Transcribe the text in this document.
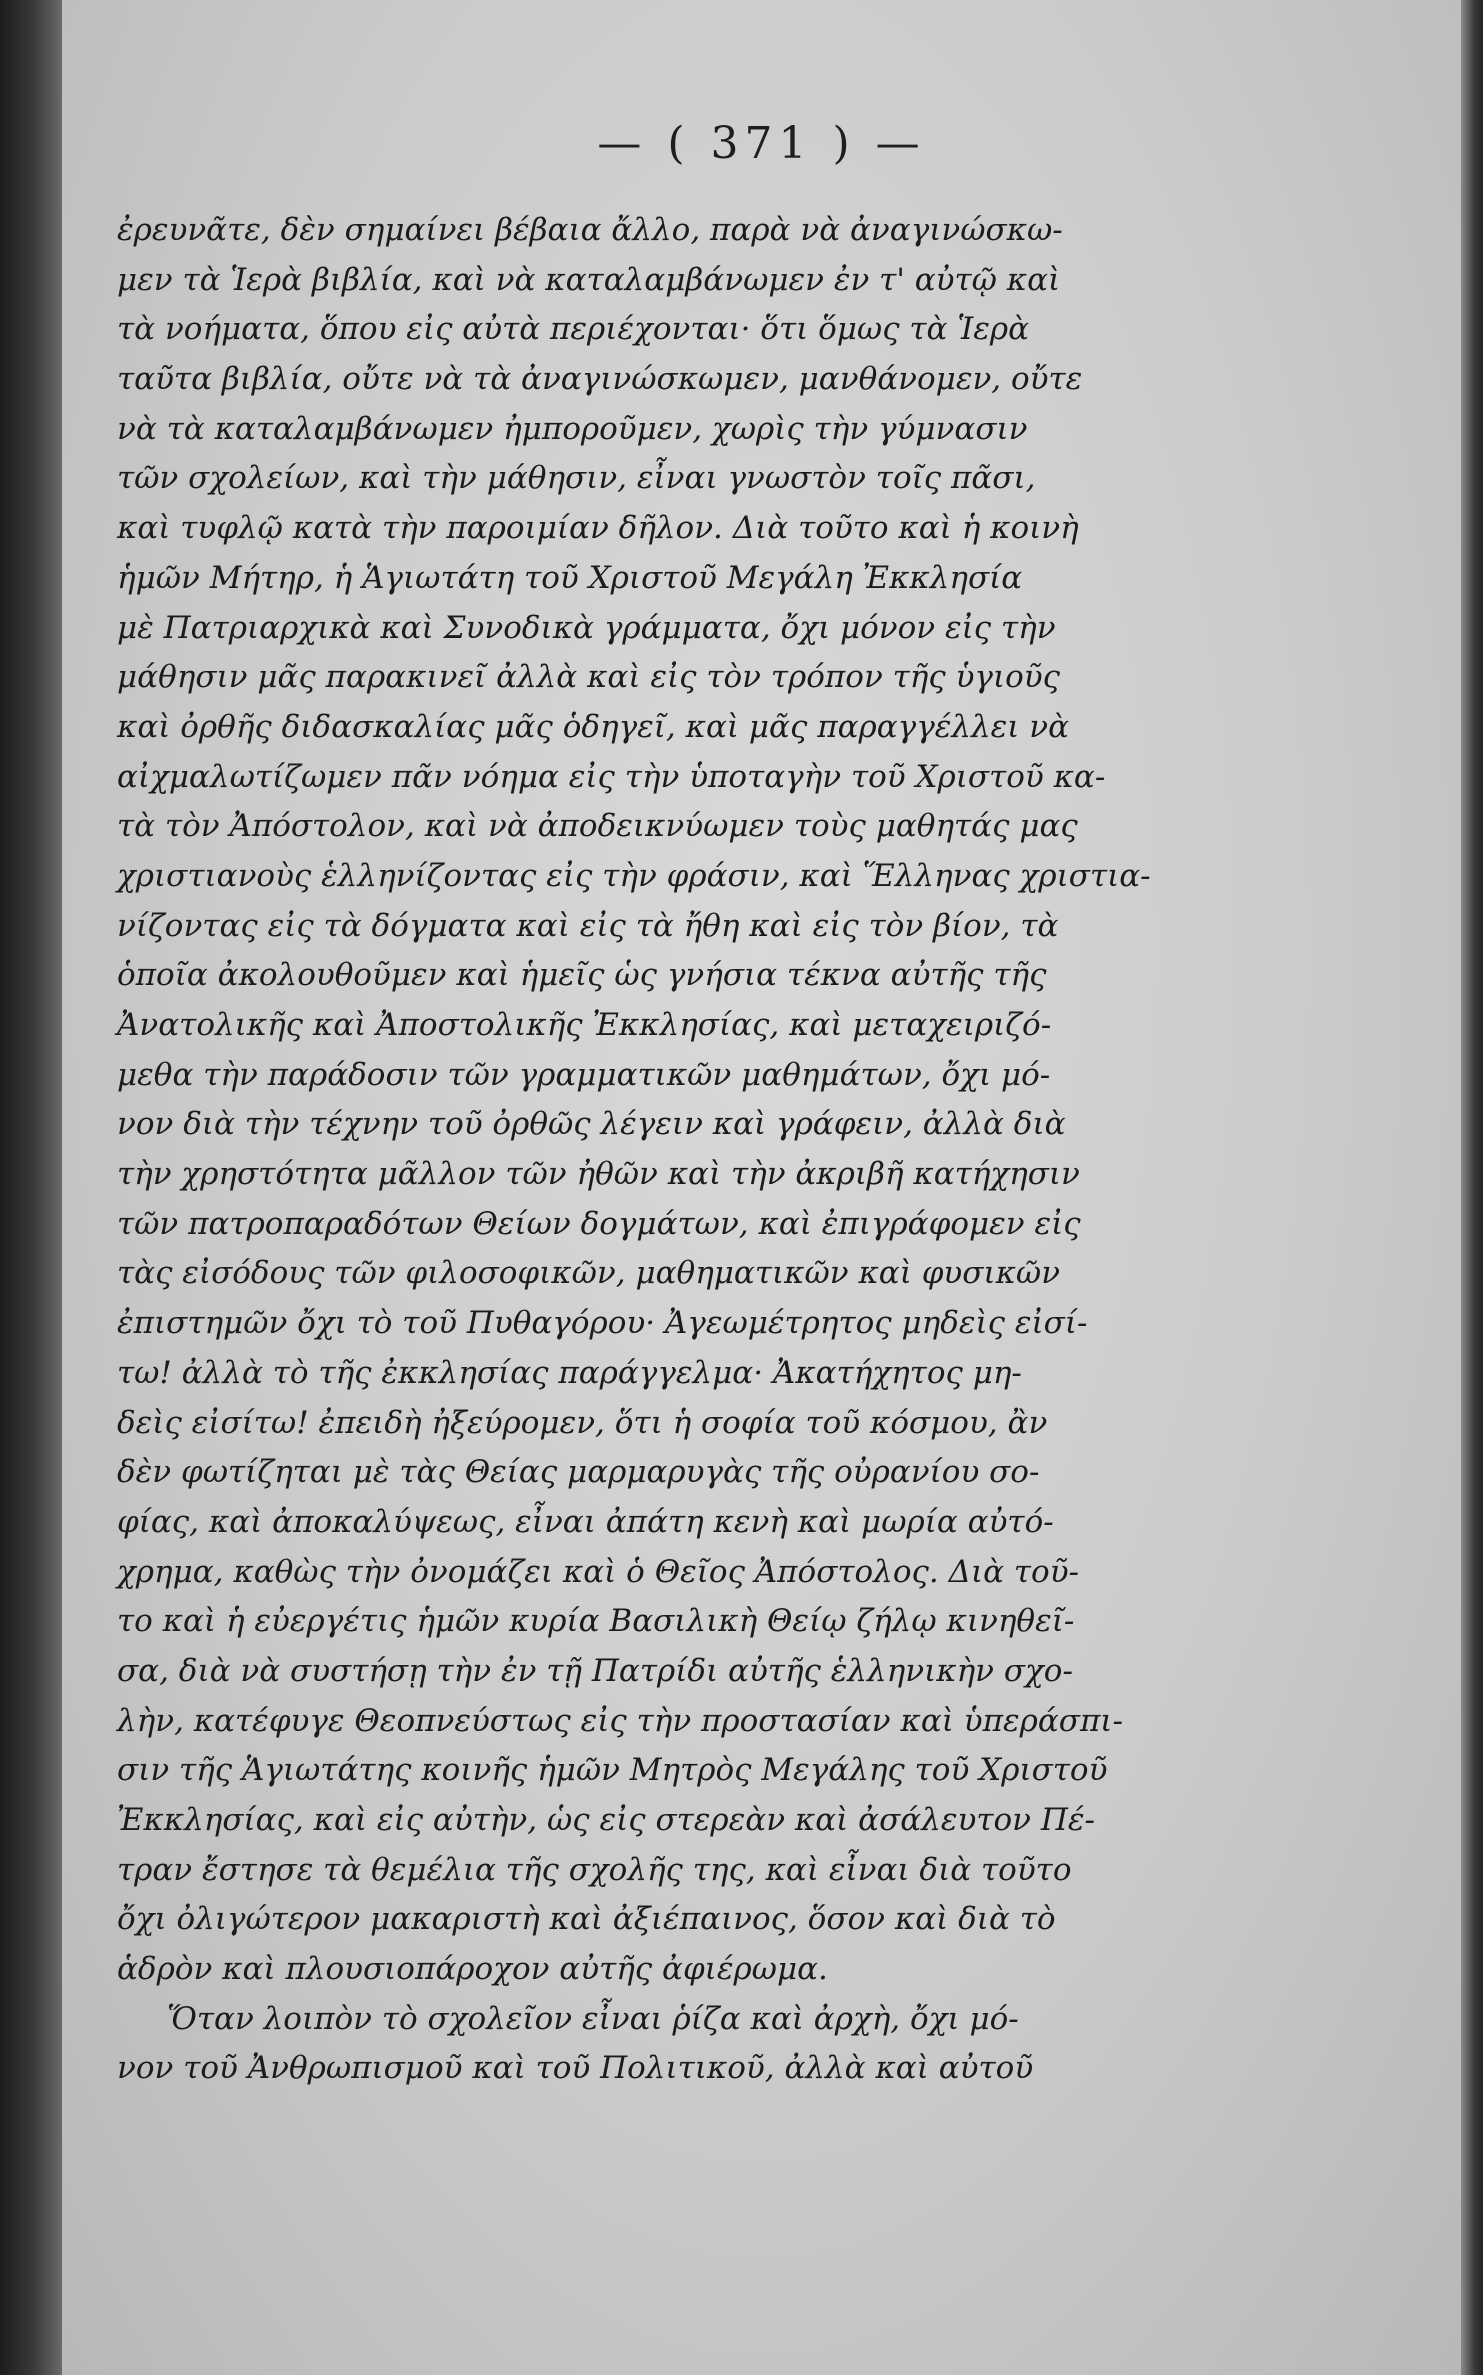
— ( 371 ) —
ἐρευνᾶτε, δὲν σημαίνει βέβαια ἄλλο, παρὰ νὰ ἀναγινώσκω-
μεν τὰ Ἱερὰ βιβλία, καὶ νὰ καταλαμβάνωμεν ἐν τ' αὐτῷ καὶ
τὰ νοήματα, ὅπου εἰς αὐτὰ περιέχονται· ὅτι ὅμως τὰ Ἱερὰ
ταῦτα βιβλία, οὔτε νὰ τὰ ἀναγινώσκωμεν, μανθάνομεν, οὔτε
νὰ τὰ καταλαμβάνωμεν ἠμποροῦμεν, χωρὶς τὴν γύμνασιν
τῶν σχολείων, καὶ τὴν μάθησιν, εἶναι γνωστὸν τοῖς πᾶσι,
καὶ τυφλῷ κατὰ τὴν παροιμίαν δῆλον. Διὰ τοῦτο καὶ ἡ κοινὴ
ἡμῶν Μήτηρ, ἡ Ἁγιωτάτη τοῦ Χριστοῦ Μεγάλη Ἐκκλησία
μὲ Πατριαρχικὰ καὶ Συνοδικὰ γράμματα, ὄχι μόνον εἰς τὴν
μάθησιν μᾶς παρακινεῖ ἀλλὰ καὶ εἰς τὸν τρόπον τῆς ὑγιοῦς
καὶ ὀρθῆς διδασκαλίας μᾶς ὁδηγεῖ, καὶ μᾶς παραγγέλλει νὰ
αἰχμαλωτίζωμεν πᾶν νόημα εἰς τὴν ὑποταγὴν τοῦ Χριστοῦ κα-
τὰ τὸν Ἀπόστολον, καὶ νὰ ἀποδεικνύωμεν τοὺς μαθητάς μας
χριστιανοὺς ἑλληνίζοντας εἰς τὴν φράσιν, καὶ Ἕλληνας χριστια-
νίζοντας εἰς τὰ δόγματα καὶ εἰς τὰ ἤθη καὶ εἰς τὸν βίον, τὰ
ὁποῖα ἀκολουθοῦμεν καὶ ἡμεῖς ὡς γνήσια τέκνα αὐτῆς τῆς
Ἀνατολικῆς καὶ Ἀποστολικῆς Ἐκκλησίας, καὶ μεταχειριζό-
μεθα τὴν παράδοσιν τῶν γραμματικῶν μαθημάτων, ὄχι μό-
νον διὰ τὴν τέχνην τοῦ ὀρθῶς λέγειν καὶ γράφειν, ἀλλὰ διὰ
τὴν χρηστότητα μᾶλλον τῶν ἠθῶν καὶ τὴν ἀκριβῆ κατήχησιν
τῶν πατροπαραδότων Θείων δογμάτων, καὶ ἐπιγράφομεν εἰς
τὰς εἰσόδους τῶν φιλοσοφικῶν, μαθηματικῶν καὶ φυσικῶν
ἐπιστημῶν ὄχι τὸ τοῦ Πυθαγόρου· Ἀγεωμέτρητος μηδεὶς εἰσί-
τω! ἀλλὰ τὸ τῆς ἐκκλησίας παράγγελμα· Ἀκατήχητος μη-
δεὶς εἰσίτω! ἐπειδὴ ἠξεύρομεν, ὅτι ἡ σοφία τοῦ κόσμου, ἂν
δὲν φωτίζηται μὲ τὰς Θείας μαρμαρυγὰς τῆς οὐρανίου σο-
φίας, καὶ ἀποκαλύψεως, εἶναι ἀπάτη κενὴ καὶ μωρία αὐτό-
χρημα, καθὼς τὴν ὀνομάζει καὶ ὁ Θεῖος Ἀπόστολος. Διὰ τοῦ-
το καὶ ἡ εὐεργέτις ἡμῶν κυρία Βασιλικὴ Θείῳ ζήλῳ κινηθεῖ-
σα, διὰ νὰ συστήσῃ τὴν ἐν τῇ Πατρίδι αὐτῆς ἑλληνικὴν σχο-
λὴν, κατέφυγε Θεοπνεύστως εἰς τὴν προστασίαν καὶ ὑπεράσπι-
σιν τῆς Ἁγιωτάτης κοινῆς ἡμῶν Μητρὸς Μεγάλης τοῦ Χριστοῦ
Ἐκκλησίας, καὶ εἰς αὐτὴν, ὡς εἰς στερεὰν καὶ ἀσάλευτον Πέ-
τραν ἔστησε τὰ θεμέλια τῆς σχολῆς της, καὶ εἶναι διὰ τοῦτο
ὄχι ὀλιγώτερον μακαριστὴ καὶ ἀξιέπαινος, ὅσον καὶ διὰ τὸ
ἁδρὸν καὶ πλουσιοπάροχον αὐτῆς ἀφιέρωμα.
Ὅταν λοιπὸν τὸ σχολεῖον εἶναι ῥίζα καὶ ἀρχὴ, ὄχι μό-
νον τοῦ Ἀνθρωπισμοῦ καὶ τοῦ Πολιτικοῦ, ἀλλὰ καὶ αὐτοῦ
